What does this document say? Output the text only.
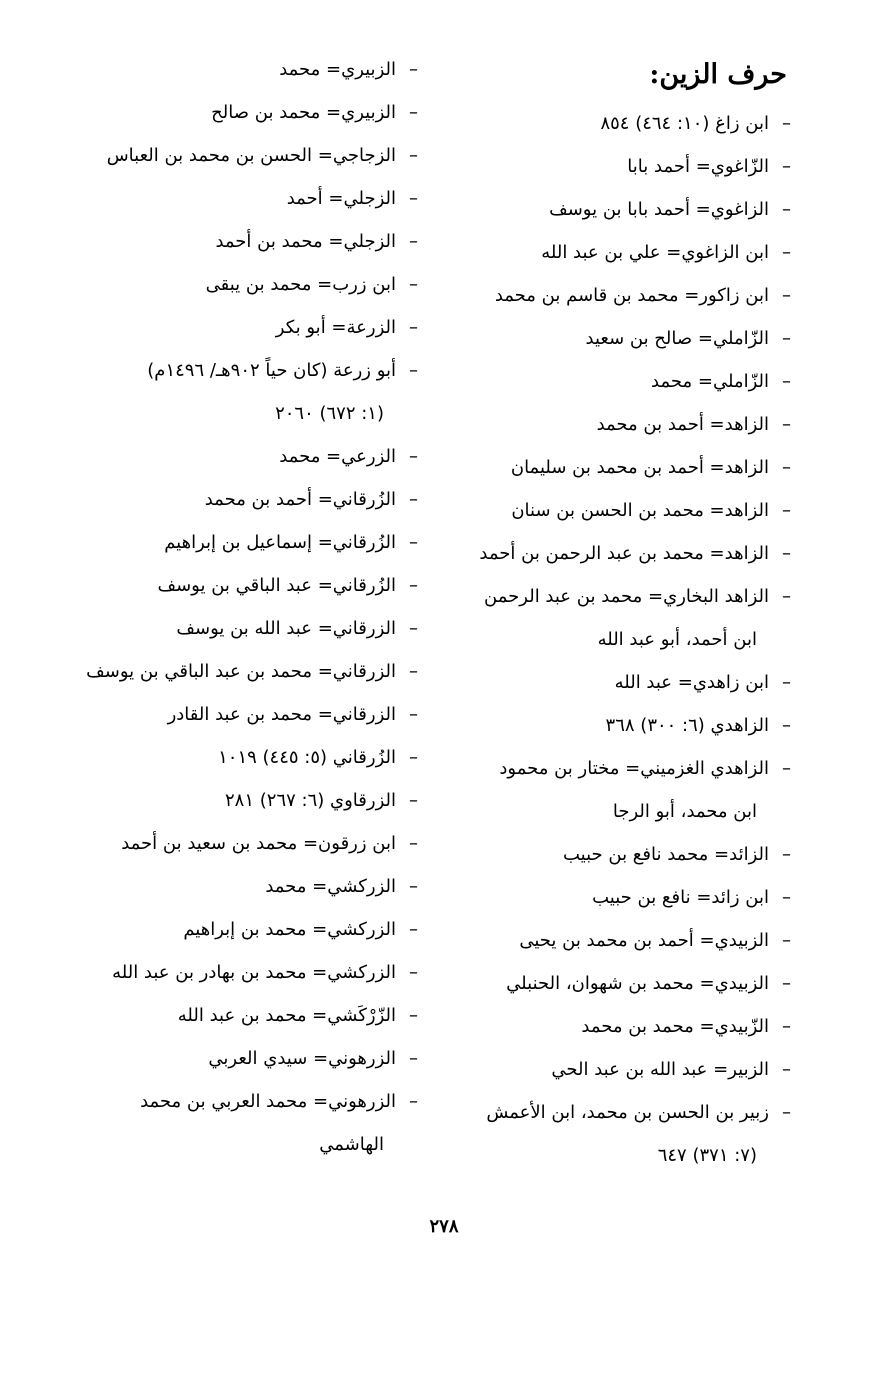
حرف الزين:
–ابن زاغ (١٠: ٤٦٤) ٨٥٤
–الزّاغوي= أحمد بابا
–الزاغوي= أحمد بابا بن يوسف
–ابن الزاغوي= علي بن عبد الله
–ابن زاكور= محمد بن قاسم بن محمد
–الزّاملي= صالح بن سعيد
–الزّاملي= محمد
–الزاهد= أحمد بن محمد
–الزاهد= أحمد بن محمد بن سليمان
–الزاهد= محمد بن الحسن بن سنان
–الزاهد= محمد بن عبد الرحمن بن أحمد
–الزاهد البخاري= محمد بن عبد الرحمن
ابن أحمد، أبو عبد الله
–ابن زاهدي= عبد الله
–الزاهدي (٦: ٣٠٠) ٣٦٨
–الزاهدي الغزميني= مختار بن محمود
ابن محمد، أبو الرجا
–الزائد= محمد نافع بن حبيب
–ابن زائد= نافع بن حبيب
–الزبيدي= أحمد بن محمد بن يحيى
–الزبيدي= محمد بن شهوان، الحنبلي
–الزّبيدي= محمد بن محمد
–الزبير= عبد الله بن عبد الحي
–زبير بن الحسن بن محمد، ابن الأعمش
(٧: ٣٧١) ٦٤٧
–الزبيري= محمد
–الزبيري= محمد بن صالح
–الزجاجي= الحسن بن محمد بن العباس
–الزجلي= أحمد
–الزجلي= محمد بن أحمد
–ابن زرب= محمد بن يبقى
–الزرعة= أبو بكر
–أبو زرعة (كان حياً ٩٠٢هـ/ ١٤٩٦م)
(١: ٦٧٢) ٢٠٦٠
–الزرعي= محمد
–الزُرقاني= أحمد بن محمد
–الزُرقاني= إسماعيل بن إبراهيم
–الزُرقاني= عبد الباقي بن يوسف
–الزرقاني= عبد الله بن يوسف
–الزرقاني= محمد بن عبد الباقي بن يوسف
–الزرقاني= محمد بن عبد القادر
–الزُرقاني (٥: ٤٤٥) ١٠١٩
–الزرقاوي (٦: ٢٦٧) ٢٨١
–ابن زرقون= محمد بن سعيد بن أحمد
–الزركشي= محمد
–الزركشي= محمد بن إبراهيم
–الزركشي= محمد بن بهادر بن عبد الله
–الزّرْكَشي= محمد بن عبد الله
–الزرهوني= سيدي العربي
–الزرهوني= محمد العربي بن محمد
الهاشمي
٢٧٨
